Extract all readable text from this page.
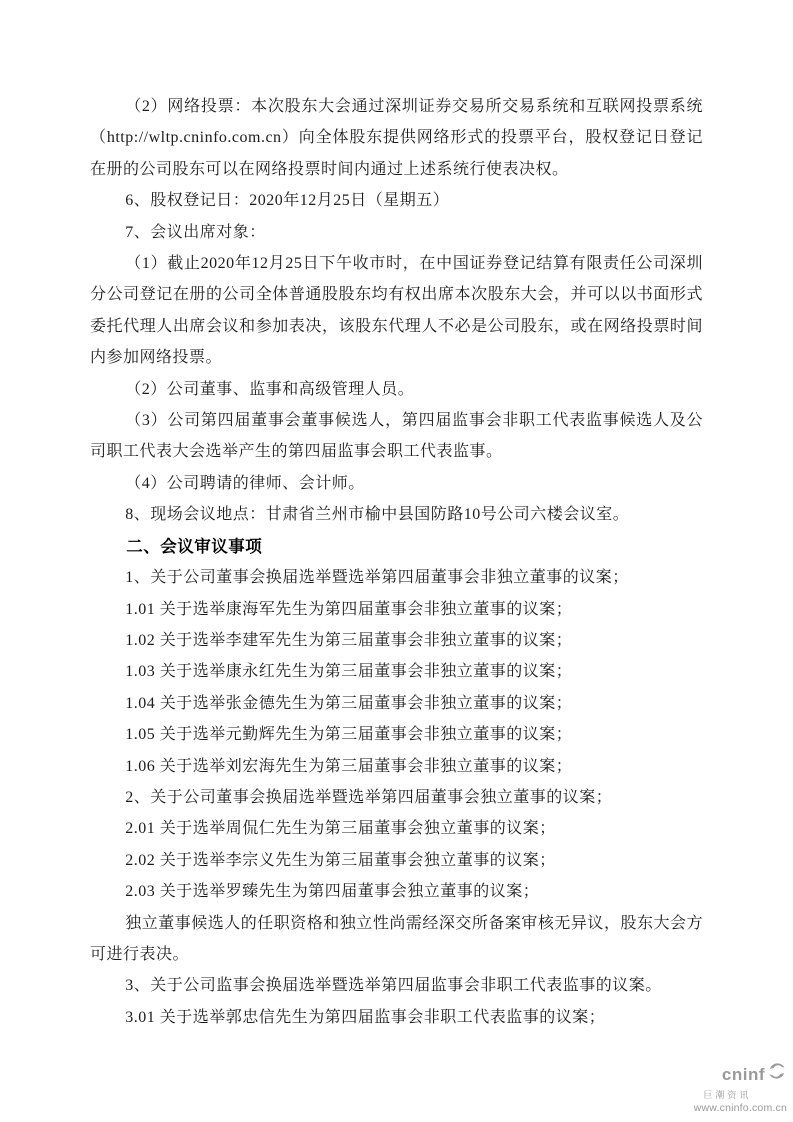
（2）网络投票：本次股东大会通过深圳证券交易所交易系统和互联网投票系统（http://wltp.cninfo.com.cn）向全体股东提供网络形式的投票平台，股权登记日登记在册的公司股东可以在网络投票时间内通过上述系统行使表决权。

6、股权登记日：2020年12月25日（星期五）

7、会议出席对象：

（1）截止2020年12月25日下午收市时，在中国证券登记结算有限责任公司深圳分公司登记在册的公司全体普通股股东均有权出席本次股东大会，并可以以书面形式委托代理人出席会议和参加表决，该股东代理人不必是公司股东，或在网络投票时间内参加网络投票。

（2）公司董事、监事和高级管理人员。

（3）公司第四届董事会董事候选人，第四届监事会非职工代表监事候选人及公司职工代表大会选举产生的第四届监事会职工代表监事。

（4）公司聘请的律师、会计师。

8、现场会议地点：甘肃省兰州市榆中县国防路10号公司六楼会议室。

二、会议审议事项

1、关于公司董事会换届选举暨选举第四届董事会非独立董事的议案；

1.01 关于选举康海军先生为第四届董事会非独立董事的议案；

1.02 关于选举李建军先生为第三届董事会非独立董事的议案；

1.03 关于选举康永红先生为第三届董事会非独立董事的议案；

1.04 关于选举张金德先生为第三届董事会非独立董事的议案；

1.05 关于选举元勤辉先生为第三届董事会非独立董事的议案；

1.06 关于选举刘宏海先生为第三届董事会非独立董事的议案；

2、关于公司董事会换届选举暨选举第四届董事会独立董事的议案；

2.01 关于选举周侃仁先生为第三届董事会独立董事的议案；

2.02 关于选举李宗义先生为第三届董事会独立董事的议案；

2.03 关于选举罗臻先生为第四届董事会独立董事的议案；

独立董事候选人的任职资格和独立性尚需经深交所备案审核无异议，股东大会方可进行表决。

3、关于公司监事会换届选举暨选举第四届监事会非职工代表监事的议案。

3.01 关于选举郭忠信先生为第四届监事会非职工代表监事的议案；

cninf
巨潮资讯
www.cninfo.com.cn
